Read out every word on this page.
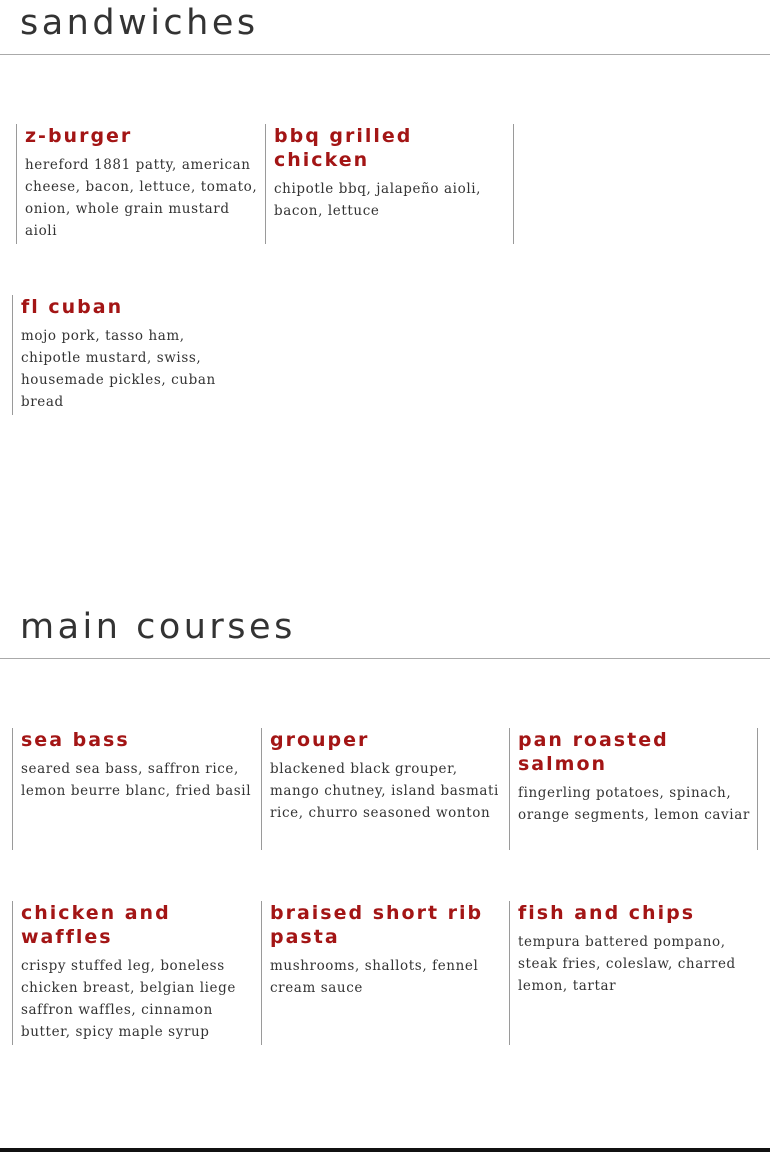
sandwiches
z-burger

hereford 1881 patty, american cheese, bacon, lettuce, tomato, onion, whole grain mustard aioli

bbq grilled chicken

chipotle bbq, jalapeño aioli, bacon, lettuce

fl cuban

mojo pork, tasso ham, chipotle mustard, swiss, housemade pickles, cuban bread

main courses
sea bass

seared sea bass, saffron rice, lemon beurre blanc, fried basil

grouper

blackened black grouper, mango chutney, island basmati rice, churro seasoned wonton

pan roasted salmon

fingerling potatoes, spinach, orange segments, lemon caviar

chicken and waffles

crispy stuffed leg, boneless chicken breast, belgian liege saffron waffles, cinnamon butter, spicy maple syrup

braised short rib pasta

mushrooms, shallots, fennel cream sauce

fish and chips

tempura battered pompano, steak fries, coleslaw, charred lemon, tartar
